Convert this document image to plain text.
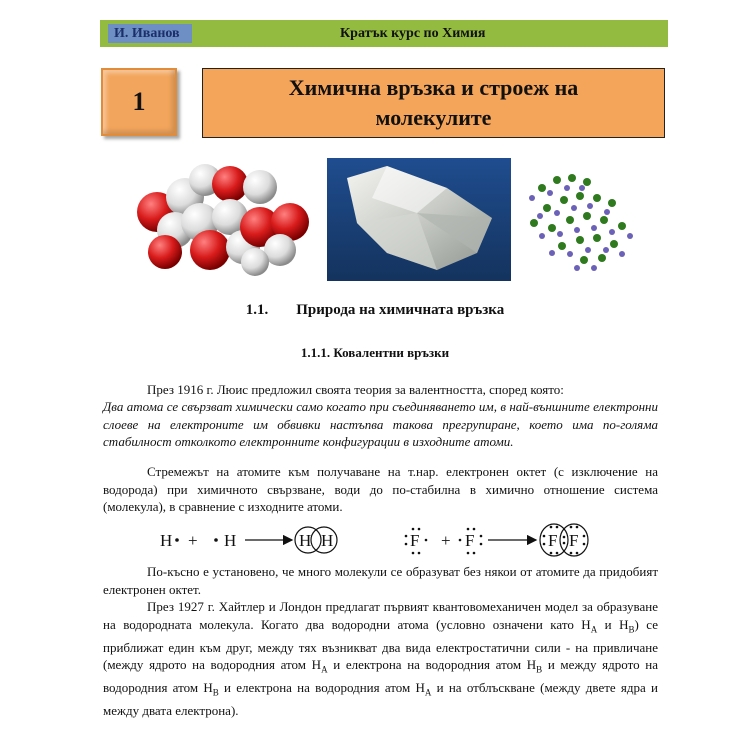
И. Иванов	Кратък курс по Химия
1	Химична връзка и строеж на молекулите
1.1. Природа на химичната връзка
1.1.1. Ковалентни връзки
През 1916 г. Люис предложил своята теория за валентността, според която:
Два атома се свързват химически само когато при съединяването им, в най-външните електронни слоеве на електроните им обвивки настъпва такова прегрупиране, което има по-голяма стабилност отколкото електронните конфигурации в изходните атоми.
Стремежът на атомите към получаване на т.нар. електронен октет (с изключение на водорода) при химичното свързване, води до по-стабилна в химично отношение система (молекула), в сравнение с изходните атоми.
H + H	H H	F + F	F F
По-късно е установено, че много молекули се образуват без някои от атомите да придобият електронен октет.
През 1927 г. Хайтлер и Лондон предлагат първият квантовомеханичен модел за образуване на водородната молекула. Когато два водородни атома (условно означени като $H_A$ и $H_B$) се приближат един към друг, между тях възникват два вида електростатични сили - на привличане (между ядрото на водородния атом $H_A$ и електрона на водородния атом $H_B$ и между ядрото на водородния атом $H_B$ и електрона на водородния атом $H_A$ и на отблъскване (между двете ядра и между двата електрона).
